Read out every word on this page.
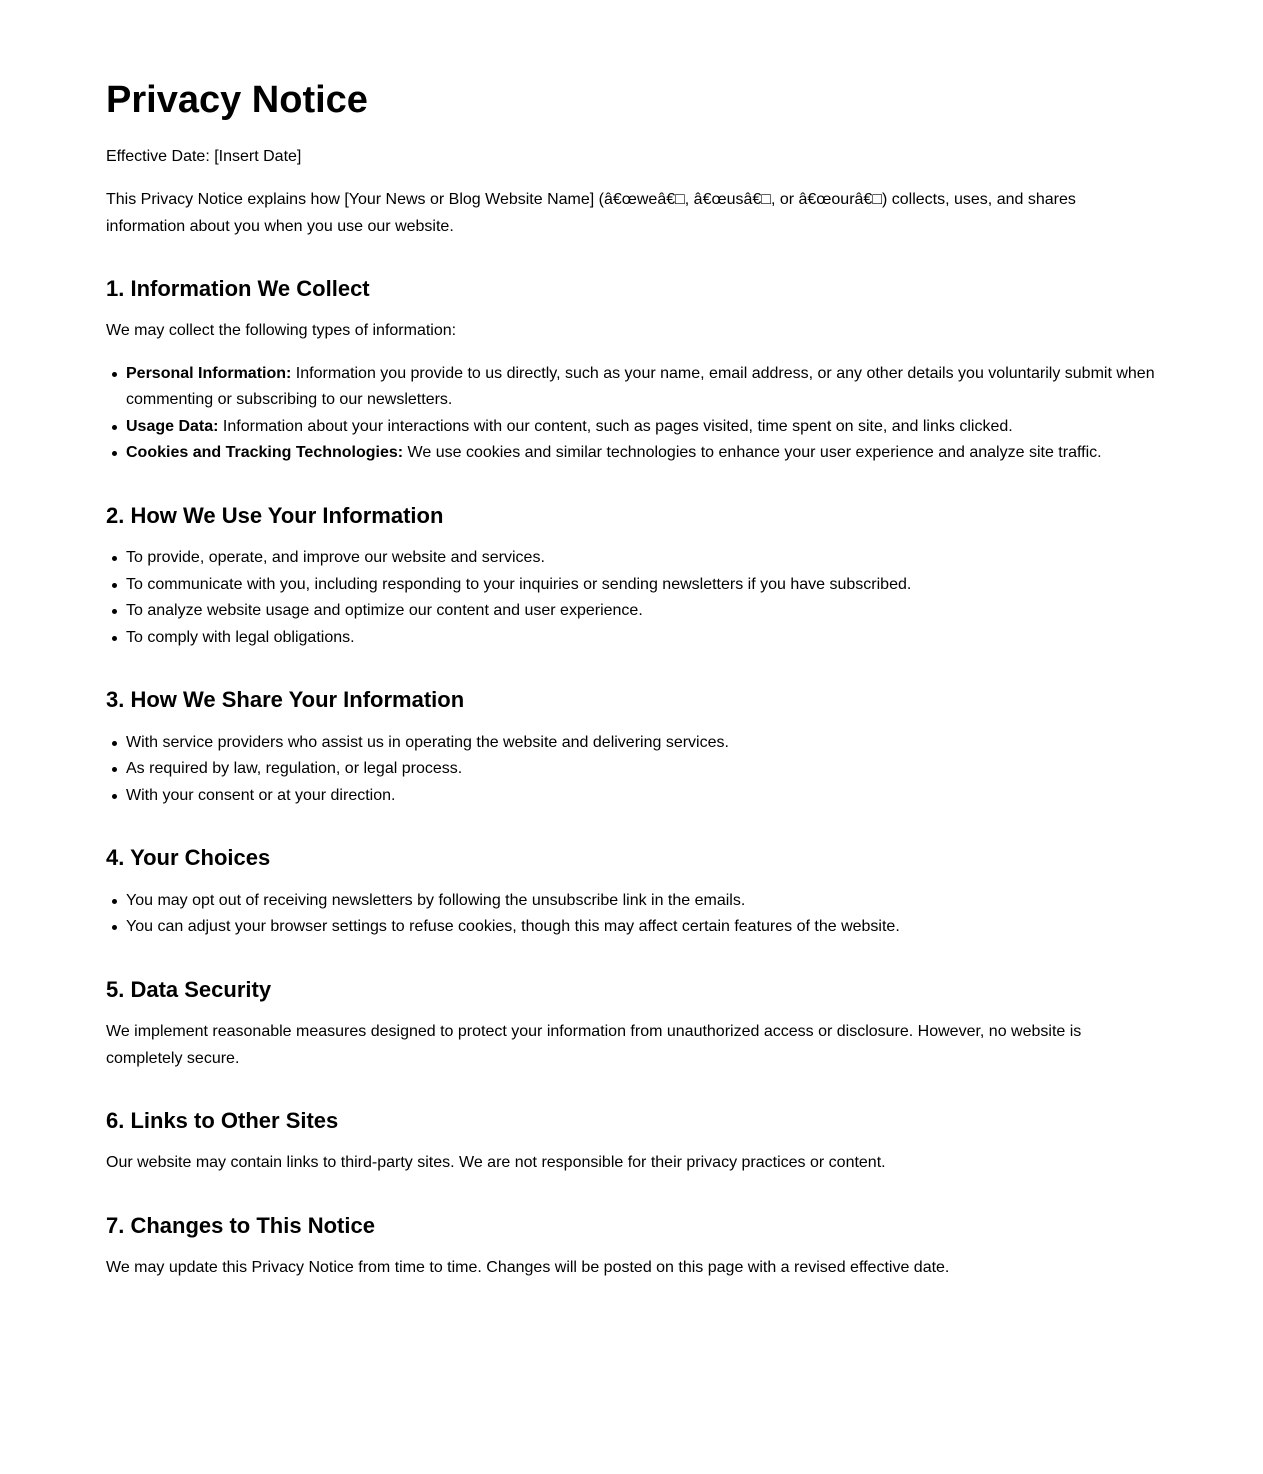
Privacy Notice

Effective Date: [Insert Date]

This Privacy Notice explains how [Your News or Blog Website Name] (â€œweâ€□, â€œusâ€□, or â€œourâ€□) collects, uses, and shares information about you when you use our website.

1. Information We Collect

We may collect the following types of information:

Personal Information: Information you provide to us directly, such as your name, email address, or any other details you voluntarily submit when commenting or subscribing to our newsletters.
Usage Data: Information about your interactions with our content, such as pages visited, time spent on site, and links clicked.
Cookies and Tracking Technologies: We use cookies and similar technologies to enhance your user experience and analyze site traffic.
2. How We Use Your Information
To provide, operate, and improve our website and services.
To communicate with you, including responding to your inquiries or sending newsletters if you have subscribed.
To analyze website usage and optimize our content and user experience.
To comply with legal obligations.
3. How We Share Your Information
With service providers who assist us in operating the website and delivering services.
As required by law, regulation, or legal process.
With your consent or at your direction.
4. Your Choices
You may opt out of receiving newsletters by following the unsubscribe link in the emails.
You can adjust your browser settings to refuse cookies, though this may affect certain features of the website.
5. Data Security

We implement reasonable measures designed to protect your information from unauthorized access or disclosure. However, no website is completely secure.

6. Links to Other Sites

Our website may contain links to third-party sites. We are not responsible for their privacy practices or content.

7. Changes to This Notice

We may update this Privacy Notice from time to time. Changes will be posted on this page with a revised effective date.
